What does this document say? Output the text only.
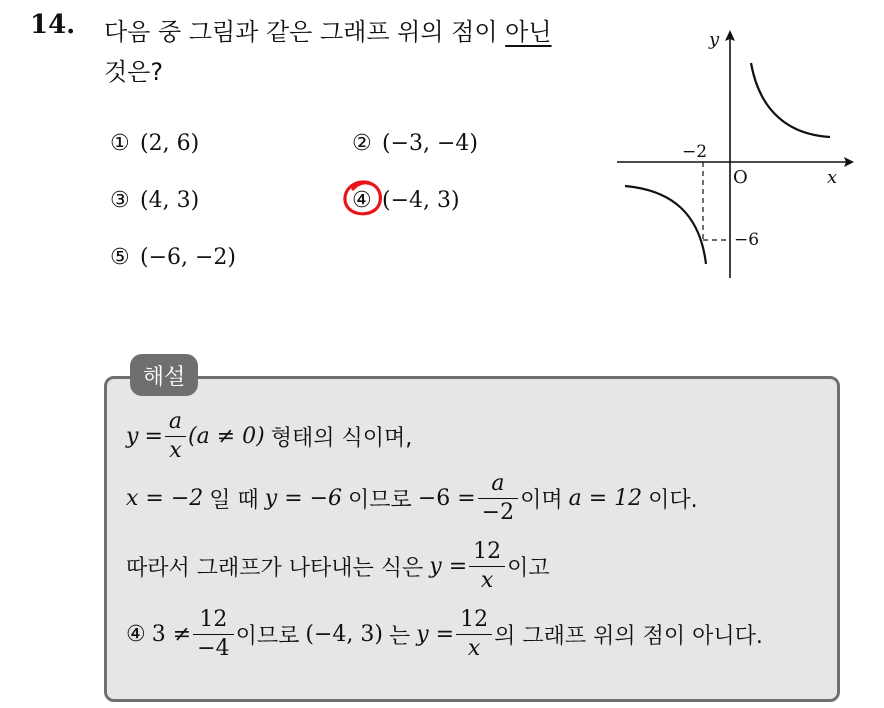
14. 다음 중 그림과 같은 그래프 위의 점이 아닌
것은?
① (2, 6)	② (−3, −4)
③ (4, 3)	④ (−4, 3)
⑤ (−6, −2)
y
x
O
−2
−6
해설
$y = \frac{a}{x} (a \ne 0)$ 형태의 식이며,
x = −2 일 때 y = −6 이므로 $-6 = \frac{a}{-2}$ 이며 a = 12 이다.
따라서 그래프가 나타내는 식은 $y = \frac{12}{x}$ 이고
④ $3 \ne \frac{12}{-4}$ 이므로 (−4, 3) 는 $y = \frac{12}{x}$ 의 그래프 위의 점이 아니다.
